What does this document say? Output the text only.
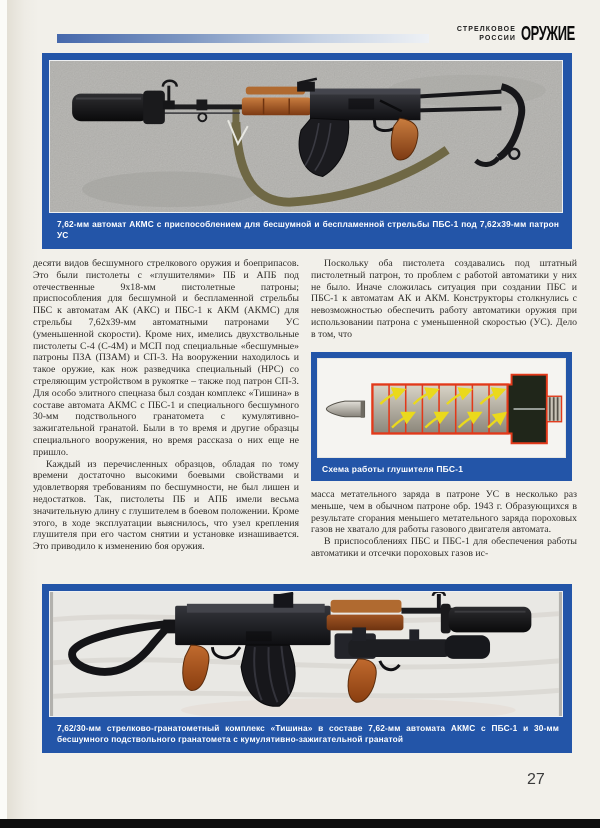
СТРЕЛКОВОЕ
РОССИИ ОРУЖИЕ
7,62-мм автомат АКМС с приспособлением для бесшумной и беспламенной стрельбы ПБС-1 под 7,62х39-мм патрон УС

десяти видов бесшумного стрелкового оружия и боеприпасов. Это были пистолеты с «глушителями» ПБ и АПБ под отечественные 9х18-мм пистолетные патроны; приспособления для бесшумной и беспламенной стрельбы ПБС к автоматам АК (АКС) и ПБС-1 к АКМ (АКМС) для стрельбы 7,62х39-мм автоматными патронами УС (уменьшенной скорости). Кроме них, имелись двухствольные пистолеты С-4 (С-4М) и МСП под специальные «бесшумные» патроны ПЗА (ПЗАМ) и СП-3. На вооружении находилось и такое оружие, как нож разведчика специальный (НРС) со стреляющим устройством в рукоятке – также под патрон СП-3. Для особо элитного спецназа был создан комплекс «Тишина» в составе автомата АКМС с ПБС-1 и специального бесшумного 30-мм подствольного гранатомета с кумулятивно-зажигательной гранатой. Были в то время и другие образцы специального вооружения, но время рассказа о них еще не пришло.

Каждый из перечисленных образцов, обладая по тому времени достаточно высокими боевыми свойствами и удовлетворяя требованиям по бесшумности, не был лишен и недостатков. Так, пистолеты ПБ и АПБ имели весьма значительную длину с глушителем в боевом положении. Кроме этого, в ходе эксплуатации выяснилось, что узел крепления глушителя при его частом снятии и установке изнашивается. Это приводило к изменению боя оружия.

Поскольку оба пистолета создавались под штатный пистолетный патрон, то проблем с работой автоматики у них не было. Иначе сложилась ситуация при создании ПБС и ПБС-1 к автоматам АК и АКМ. Конструкторы столкнулись с невозможностью обеспечить работу автоматики оружия при использовании патрона с уменьшенной скоростью (УС). Дело в том, что

Схема работы глушителя ПБС-1

масса метательного заряда в патроне УС в несколько раз меньше, чем в обычном патроне обр. 1943 г. Образующихся в результате сгорания меньшего метательного заряда пороховых газов не хватало для работы газового двигателя автомата.

В приспособлениях ПБС и ПБС-1 для обеспечения работы автоматики и отсечки пороховых газов ис-

7,62/30-мм стрелково-гранатометный комплекс «Тишина» в составе 7,62-мм автомата АКМС с ПБС-1 и 30-мм бесшумного подствольного гранатомета с кумулятивно-зажигательной гранатой
27
